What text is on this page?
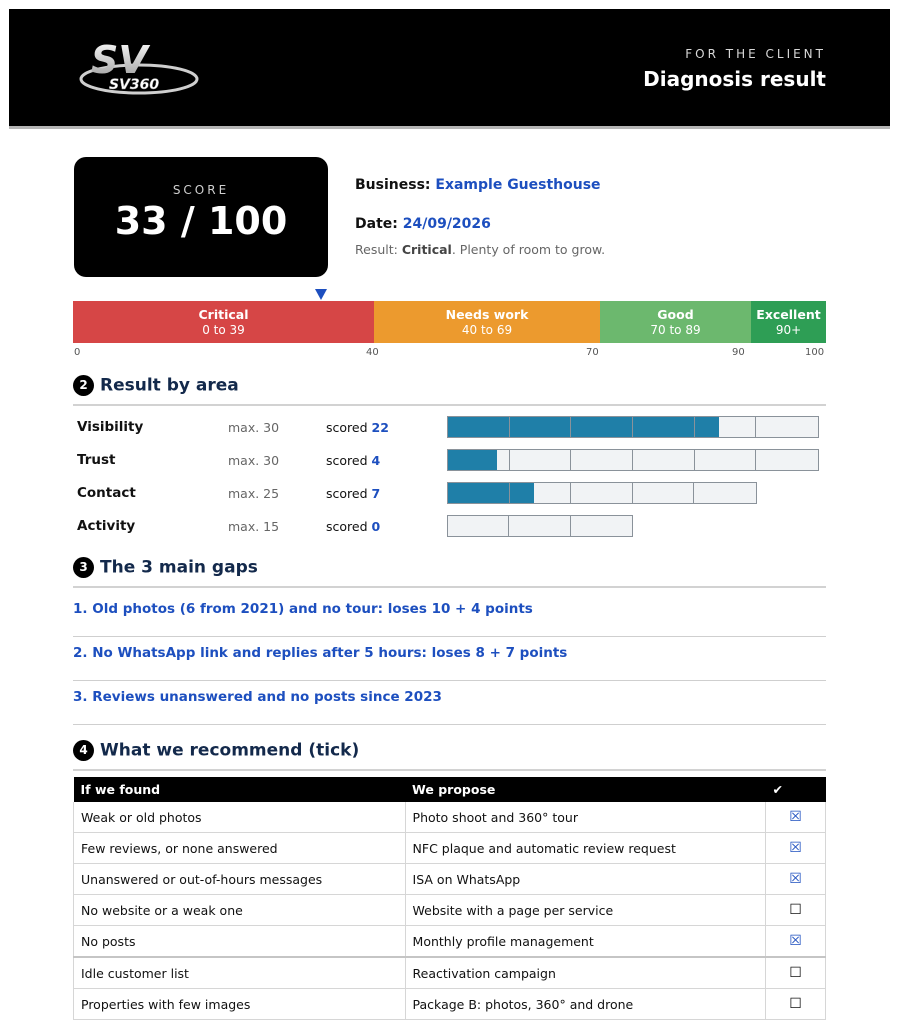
SV
SV360
FOR THE CLIENT
Diagnosis result
SCORE
33 / 100
Business: Example Guesthouse
Date: 24/09/2026
Result: Critical. Plenty of room to grow.
Critical
0 to 39
Needs work
40 to 69
Good
70 to 89
Excellent
90+
0	40	70	90	100
2 Result by area
Visibility	max. 30	scored 22
Trust	max. 30	scored 4
Contact	max. 25	scored 7
Activity	max. 15	scored 0
3 The 3 main gaps
1. Old photos (6 from 2021) and no tour: loses 10 + 4 points
2. No WhatsApp link and replies after 5 hours: loses 8 + 7 points
3. Reviews unanswered and no posts since 2023
4 What we recommend (tick)
If we found	We propose	✔
Weak or old photos	Photo shoot and 360° tour	☒
Few reviews, or none answered	NFC plaque and automatic review request	☒
Unanswered or out-of-hours messages	ISA on WhatsApp	☒
No website or a weak one	Website with a page per service	☐
No posts	Monthly profile management	☒
Idle customer list	Reactivation campaign	☐
Properties with few images	Package B: photos, 360° and drone	☐
